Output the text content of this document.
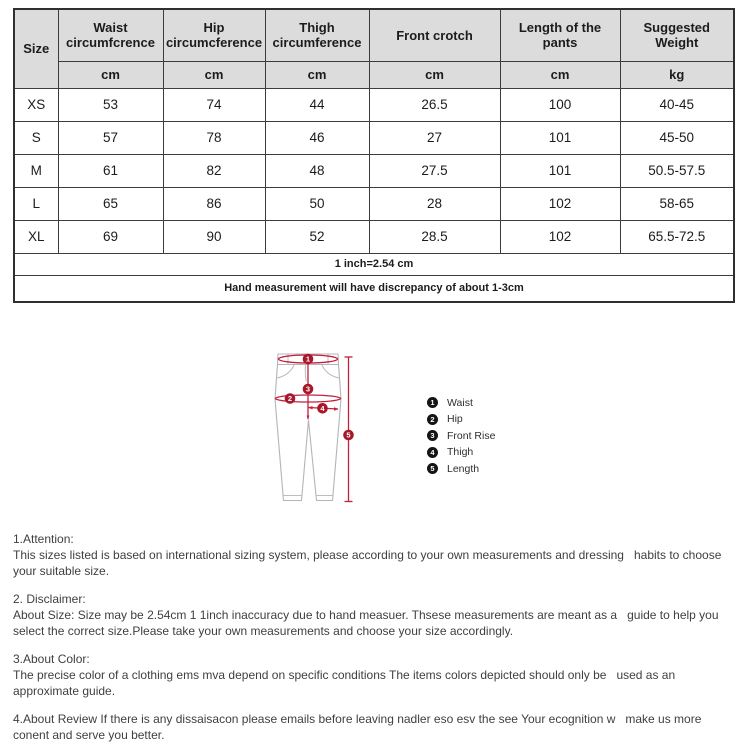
Size	Waist circumfcrence	Hip circumcference	Thigh circumference	Front crotch	Length of the pants	Suggested Weight
	cm	cm	cm	cm	cm	kg
XS	53	74	44	26.5	100	40-45
S	57	78	46	27	101	45-50
M	61	82	48	27.5	101	50.5-57.5
L	65	86	50	28	102	58-65
XL	69	90	52	28.5	102	65.5-72.5
1 inch=2.54 cm						
Hand measurement will have discrepancy of about 1-3cm						
1
2
3
4
5
1	Waist
2	Hip
3	Front Rise
4	Thigh
5	Length
1.Attention:
This sizes listed is based on international sizing system, please according to your own measurements and dressing   habits to choose your suitable size.
2. Disclaimer:
About Size: Size may be 2.54cm 1 1inch inaccuracy due to hand measuer. Thsese measurements are meant as a   guide to help you select the correct size.Please take your own measurements and choose your size accordingly.
3.About Color:
The precise color of a clothing ems mva depend on specific conditions The items colors depicted should only be   used as an approximate guide.
4.About Review If there is any dissaisacon please emails before leaving nadler eso esv the see Your ecognition w   make us more conent and serve you better.
